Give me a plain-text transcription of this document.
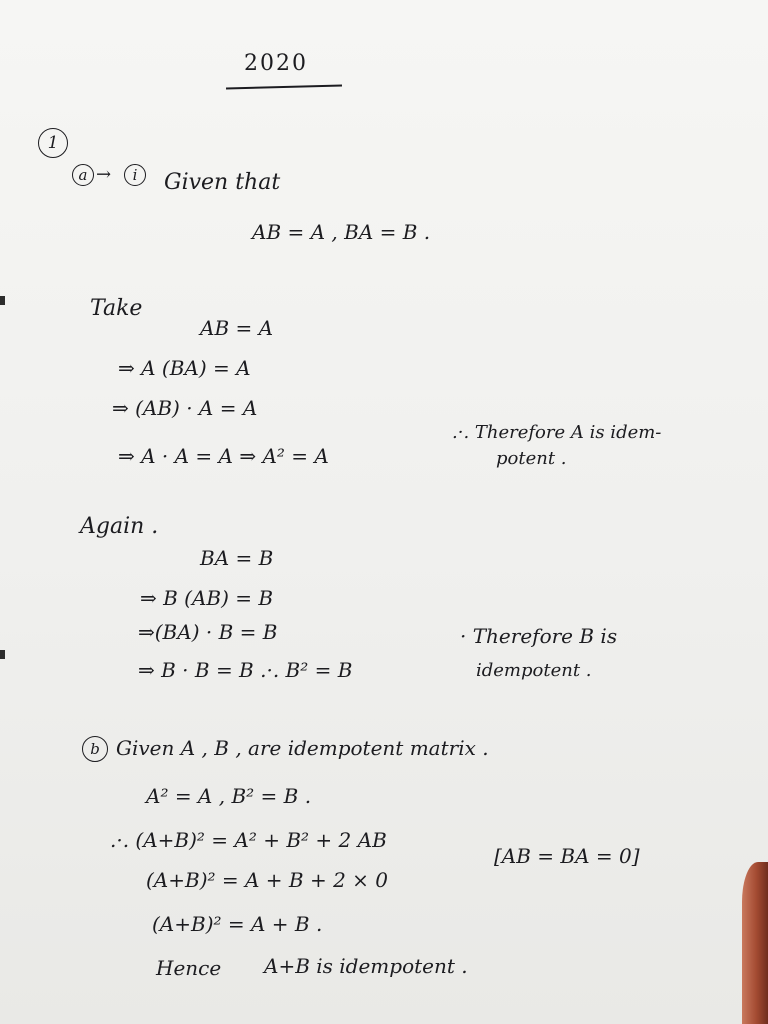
2020
1
a →	i	Given that
AB = A , BA = B .
Take
AB = A
⇒ A (BA) = A
⇒ (AB) · A = A
⇒ A · A = A ⇒ A² = A
.·. Therefore A is idem-
potent .
Again .
BA = B
⇒ B (AB) = B
⇒(BA) · B = B
⇒ B · B = B .·. B² = B
· Therefore B is
idempotent .
b Given A , B , are idempotent matrix .
A² = A , B² = B .
.·. (A+B)² = A² + B² + 2 AB
(A+B)² = A + B + 2 × 0
[AB = BA = 0]
(A+B)² = A + B .
Hence A+B is idempotent .
